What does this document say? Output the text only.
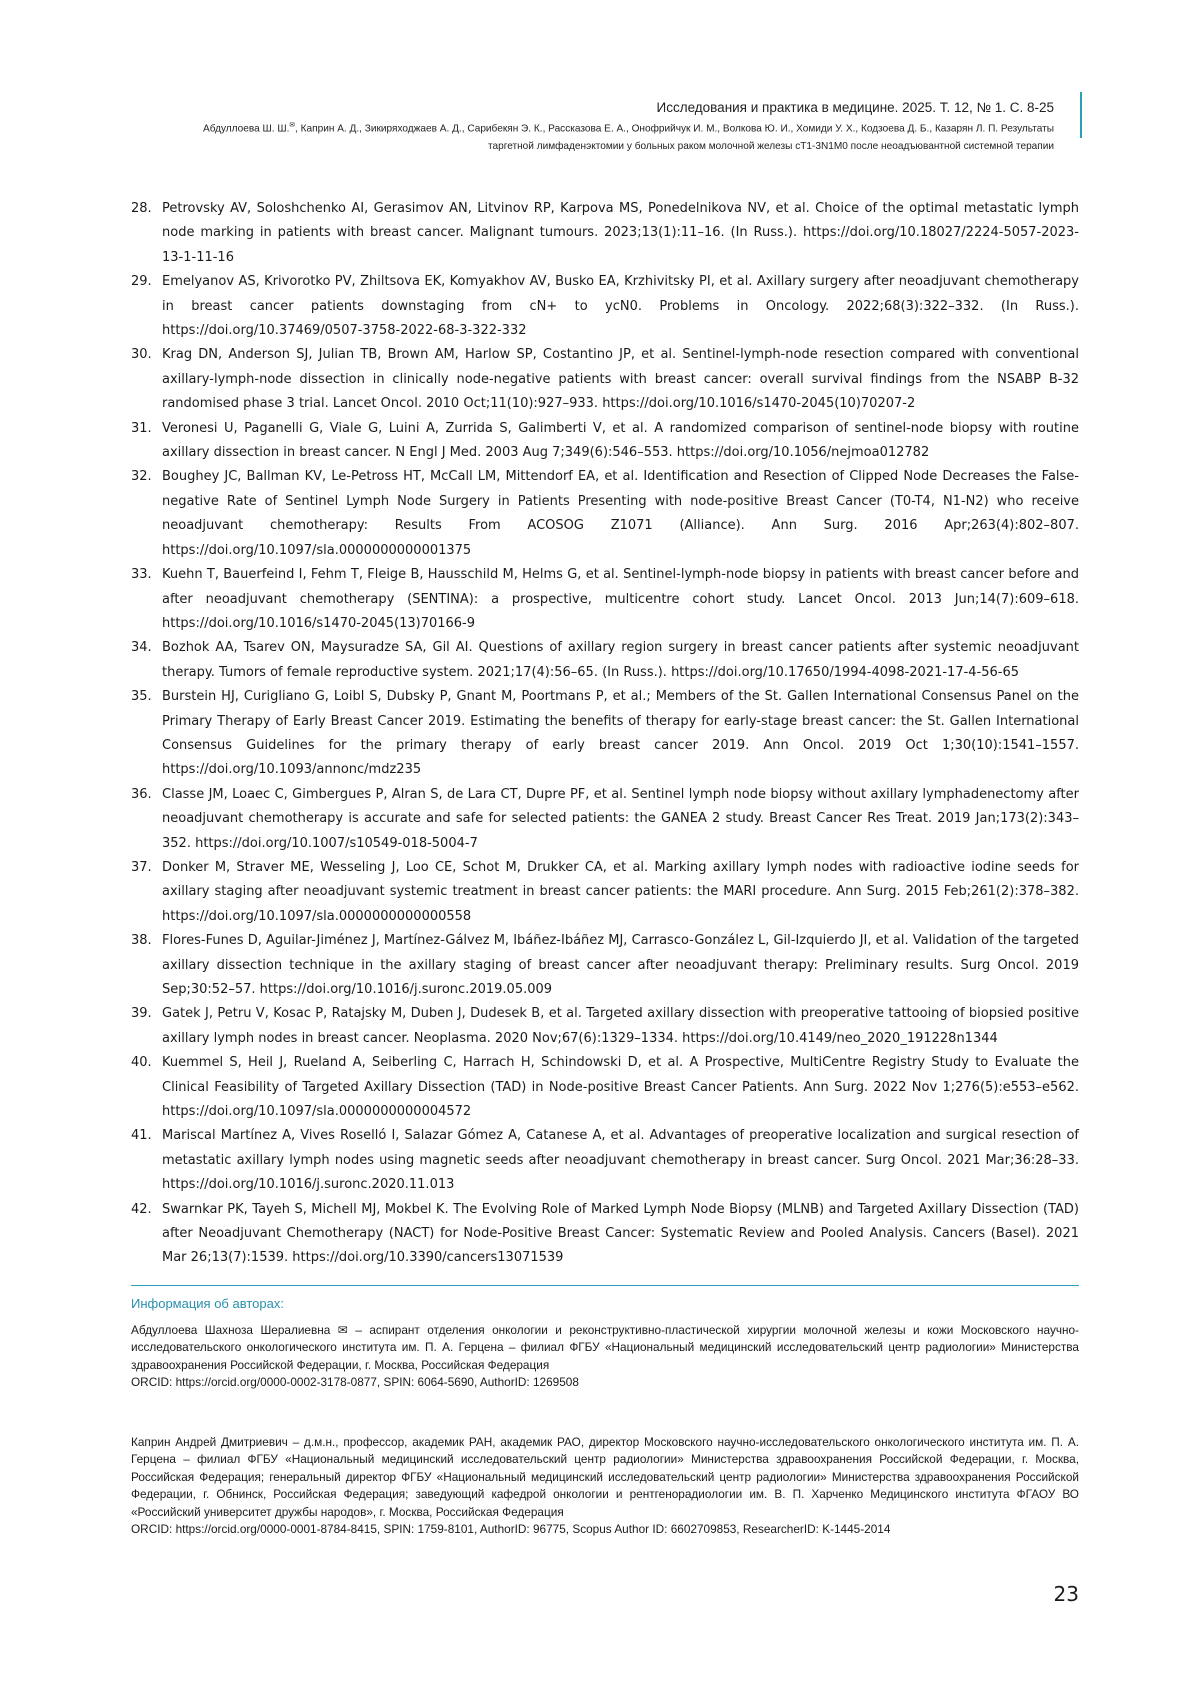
Исследования и практика в медицине. 2025. Т. 12, № 1. С. 8-25
Абдуллоева Ш. Ш.✉, Каприн А. Д., Зикиряходжаев А. Д., Сарибекян Э. К., Рассказова Е. А., Онофрийчук И. М., Волкова Ю. И., Хомиди У. Х., Кодзоева Д. Б., Казарян Л. П. Результаты
таргетной лимфаденэктомии у больных раком молочной железы cT1-3N1M0 после неоадъювантной системной терапии
28. Petrovsky AV, Soloshchenko AI, Gerasimov AN, Litvinov RP, Karpova MS, Ponedelnikova NV, et al. Choice of the optimal metastatic lymph node marking in patients with breast cancer. Malignant tumours. 2023;13(1):11–16. (In Russ.). https://doi.org/10.18027/2224-5057-2023-13-1-11-16
29. Emelyanov AS, Krivorotko PV, Zhiltsova EK, Komyakhov AV, Busko EA, Krzhivitsky PI, et al. Axillary surgery after neoadjuvant chemotherapy in breast cancer patients downstaging from cN+ to ycN0. Problems in Oncology. 2022;68(3):322–332. (In Russ.). https://doi.org/10.37469/0507-3758-2022-68-3-322-332
30. Krag DN, Anderson SJ, Julian TB, Brown AM, Harlow SP, Costantino JP, et al. Sentinel-lymph-node resection compared with conventional axillary-lymph-node dissection in clinically node-negative patients with breast cancer: overall survival findings from the NSABP B-32 randomised phase 3 trial. Lancet Oncol. 2010 Oct;11(10):927–933. https://doi.org/10.1016/s1470-2045(10)70207-2
31. Veronesi U, Paganelli G, Viale G, Luini A, Zurrida S, Galimberti V, et al. A randomized comparison of sentinel-node biopsy with routine axillary dissection in breast cancer. N Engl J Med. 2003 Aug 7;349(6):546–553. https://doi.org/10.1056/nejmoa012782
32. Boughey JC, Ballman KV, Le-Petross HT, McCall LM, Mittendorf EA, et al. Identification and Resection of Clipped Node Decreases the False-negative Rate of Sentinel Lymph Node Surgery in Patients Presenting with node-positive Breast Cancer (T0-T4, N1-N2) who receive neoadjuvant chemotherapy: Results From ACOSOG Z1071 (Alliance). Ann Surg. 2016 Apr;263(4):802–807. https://doi.org/10.1097/sla.0000000000001375
33. Kuehn T, Bauerfeind I, Fehm T, Fleige B, Hausschild M, Helms G, et al. Sentinel-lymph-node biopsy in patients with breast cancer before and after neoadjuvant chemotherapy (SENTINA): a prospective, multicentre cohort study. Lancet Oncol. 2013 Jun;14(7):609–618. https://doi.org/10.1016/s1470-2045(13)70166-9
34. Bozhok AA, Tsarev ON, Maysuradze SA, Gil AI. Questions of axillary region surgery in breast cancer patients after systemic neoadjuvant therapy. Tumors of female reproductive system. 2021;17(4):56–65. (In Russ.). https://doi.org/10.17650/1994-4098-2021-17-4-56-65
35. Burstein HJ, Curigliano G, Loibl S, Dubsky P, Gnant M, Poortmans P, et al.; Members of the St. Gallen International Consensus Panel on the Primary Therapy of Early Breast Cancer 2019. Estimating the benefits of therapy for early-stage breast cancer: the St. Gallen International Consensus Guidelines for the primary therapy of early breast cancer 2019. Ann Oncol. 2019 Oct 1;30(10):1541–1557. https://doi.org/10.1093/annonc/mdz235
36. Classe JM, Loaec C, Gimbergues P, Alran S, de Lara CT, Dupre PF, et al. Sentinel lymph node biopsy without axillary lymphadenectomy after neoadjuvant chemotherapy is accurate and safe for selected patients: the GANEA 2 study. Breast Cancer Res Treat. 2019 Jan;173(2):343–352. https://doi.org/10.1007/s10549-018-5004-7
37. Donker M, Straver ME, Wesseling J, Loo CE, Schot M, Drukker CA, et al. Marking axillary lymph nodes with radioactive iodine seeds for axillary staging after neoadjuvant systemic treatment in breast cancer patients: the MARI procedure. Ann Surg. 2015 Feb;261(2):378–382. https://doi.org/10.1097/sla.0000000000000558
38. Flores-Funes D, Aguilar-Jiménez J, Martínez-Gálvez M, Ibáñez-Ibáñez MJ, Carrasco-González L, Gil-Izquierdo JI, et al. Validation of the targeted axillary dissection technique in the axillary staging of breast cancer after neoadjuvant therapy: Preliminary results. Surg Oncol. 2019 Sep;30:52–57. https://doi.org/10.1016/j.suronc.2019.05.009
39. Gatek J, Petru V, Kosac P, Ratajsky M, Duben J, Dudesek B, et al. Targeted axillary dissection with preoperative tattooing of biopsied positive axillary lymph nodes in breast cancer. Neoplasma. 2020 Nov;67(6):1329–1334. https://doi.org/10.4149/neo_2020_191228n1344
40. Kuemmel S, Heil J, Rueland A, Seiberling C, Harrach H, Schindowski D, et al. A Prospective, MultiCentre Registry Study to Evaluate the Clinical Feasibility of Targeted Axillary Dissection (TAD) in Node-positive Breast Cancer Patients. Ann Surg. 2022 Nov 1;276(5):e553–e562. https://doi.org/10.1097/sla.0000000000004572
41. Mariscal Martínez A, Vives Roselló I, Salazar Gómez A, Catanese A, et al. Advantages of preoperative localization and surgical resection of metastatic axillary lymph nodes using magnetic seeds after neoadjuvant chemotherapy in breast cancer. Surg Oncol. 2021 Mar;36:28–33. https://doi.org/10.1016/j.suronc.2020.11.013
42. Swarnkar PK, Tayeh S, Michell MJ, Mokbel K. The Evolving Role of Marked Lymph Node Biopsy (MLNB) and Targeted Axillary Dissection (TAD) after Neoadjuvant Chemotherapy (NACT) for Node-Positive Breast Cancer: Systematic Review and Pooled Analysis. Cancers (Basel). 2021 Mar 26;13(7):1539. https://doi.org/10.3390/cancers13071539
Информация об авторах:

Абдуллоева Шахноза Шералиевна ✉ – аспирант отделения онкологии и реконструктивно-пластической хирургии молочной железы и кожи Московского научно-исследовательского онкологического института им. П. А. Герцена – филиал ФГБУ «Национальный медицинский исследовательский центр радиологии» Министерства здравоохранения Российской Федерации, г. Москва, Российская Федерация

ORCID: https://orcid.org/0000-0002-3178-0877, SPIN: 6064-5690, AuthorID: 1269508

Каприн Андрей Дмитриевич – д.м.н., профессор, академик РАН, академик РАО, директор Московского научно-исследовательского онкологического института им. П. А. Герцена – филиал ФГБУ «Национальный медицинский исследовательский центр радиологии» Министерства здравоохранения Российской Федерации, г. Москва, Российская Федерация; генеральный директор ФГБУ «Национальный медицинский исследовательский центр радиологии» Министерства здравоохранения Российской Федерации, г. Обнинск, Российская Федерация; заведующий кафедрой онкологии и рентгенорадиологии им. В. П. Харченко Медицинского института ФГАОУ ВО «Российский университет дружбы народов», г. Москва, Российская Федерация

ORCID: https://orcid.org/0000-0001-8784-8415, SPIN: 1759-8101, AuthorID: 96775, Scopus Author ID: 6602709853, ResearcherID: K-1445-2014

23
